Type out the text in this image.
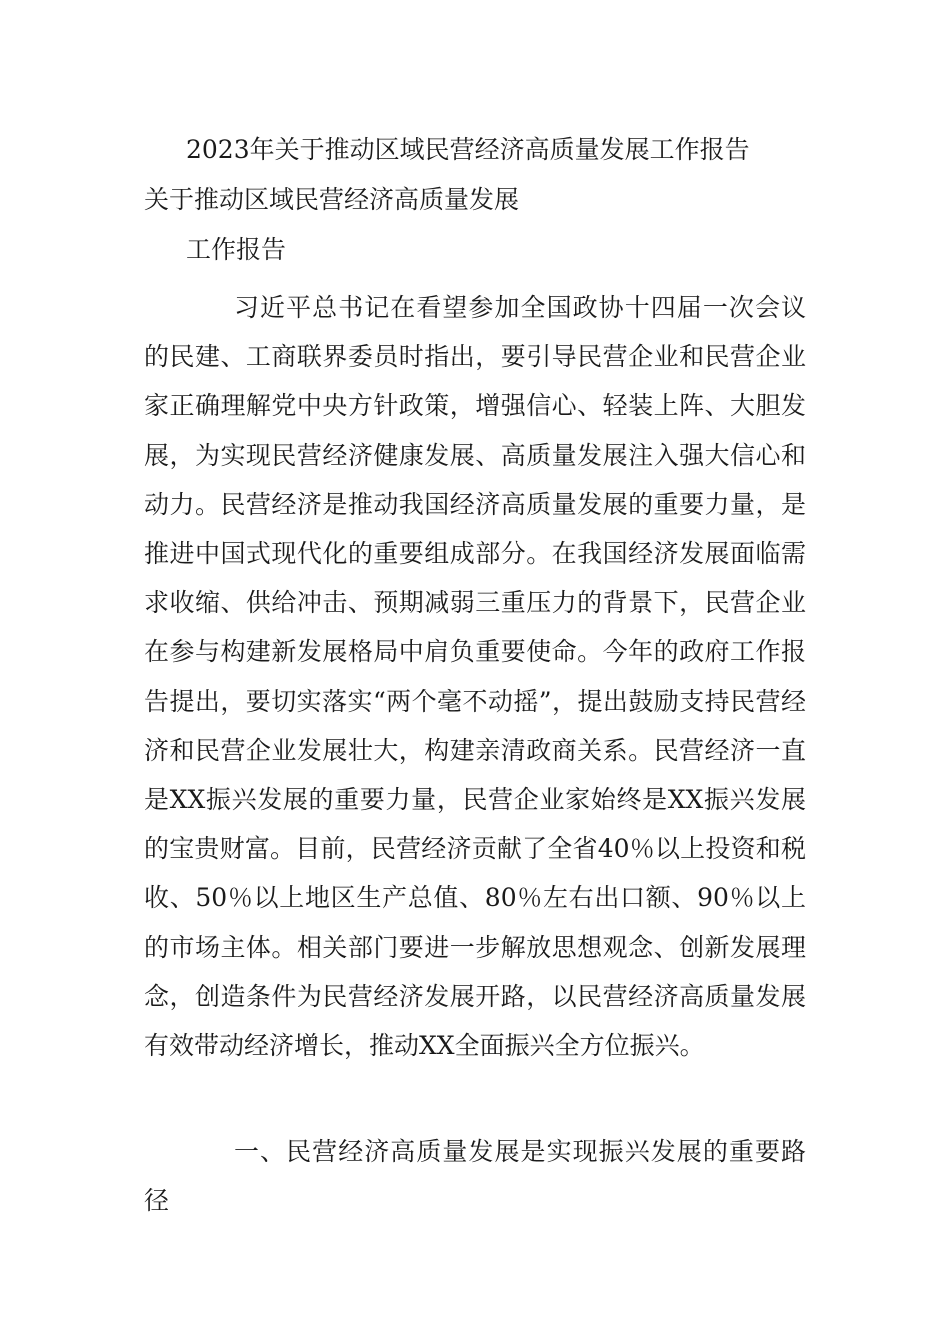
2023年关于推动区域民营经济高质量发展工作报告

关于推动区域民营经济高质量发展

工作报告

习近平总书记在看望参加全国政协十四届一次会议的民建、工商联界委员时指出，要引导民营企业和民营企业家正确理解党中央方针政策，增强信心、轻装上阵、大胆发展，为实现民营经济健康发展、高质量发展注入强大信心和动力。民营经济是推动我国经济高质量发展的重要力量，是推进中国式现代化的重要组成部分。在我国经济发展面临需求收缩、供给冲击、预期减弱三重压力的背景下，民营企业在参与构建新发展格局中肩负重要使命。今年的政府工作报告提出，要切实落实“两个毫不动摇”，提出鼓励支持民营经济和民营企业发展壮大，构建亲清政商关系。民营经济一直是XX振兴发展的重要力量，民营企业家始终是XX振兴发展的宝贵财富。目前，民营经济贡献了全省40％以上投资和税收、50％以上地区生产总值、80％左右出口额、90％以上的市场主体。相关部门要进一步解放思想观念、创新发展理念，创造条件为民营经济发展开路，以民营经济高质量发展有效带动经济增长，推动XX全面振兴全方位振兴。

一、民营经济高质量发展是实现振兴发展的重要路径
